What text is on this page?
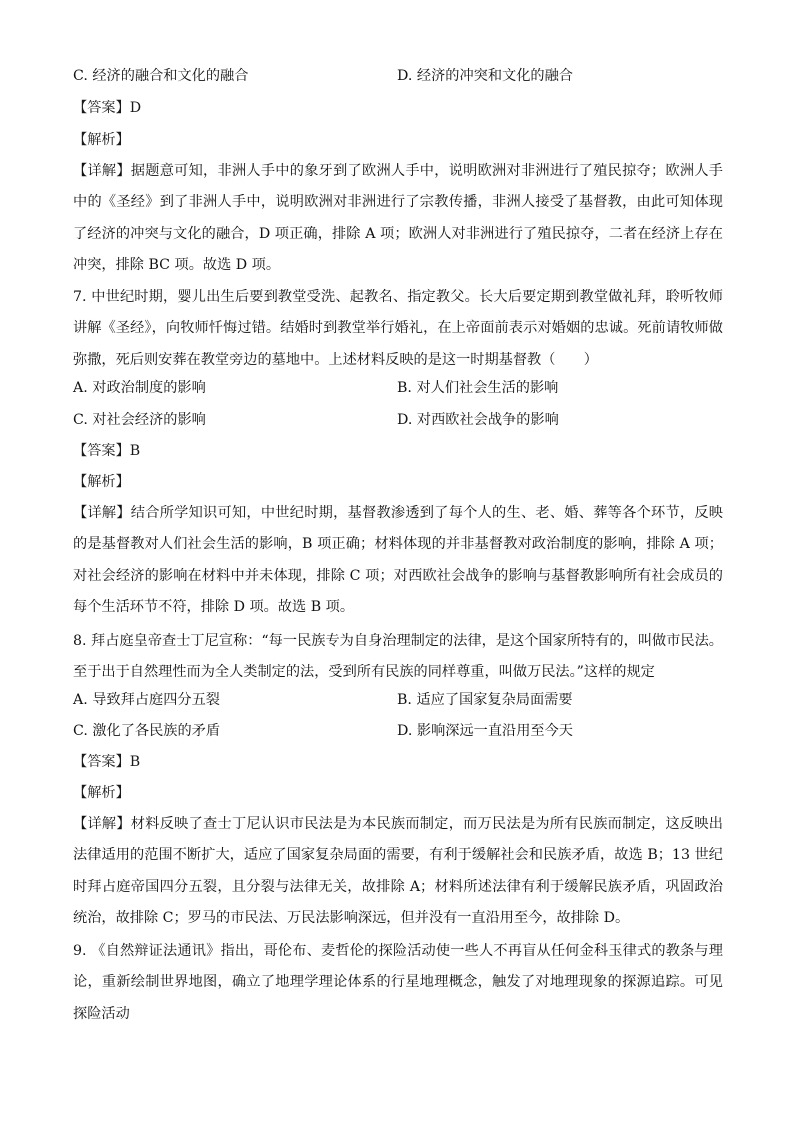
C. 经济的融合和文化的融合	D. 经济的冲突和文化的融合
【答案】D
【解析】
【详解】据题意可知，非洲人手中的象牙到了欧洲人手中，说明欧洲对非洲进行了殖民掠夺；欧洲人手中的《圣经》到了非洲人手中，说明欧洲对非洲进行了宗教传播，非洲人接受了基督教，由此可知体现了经济的冲突与文化的融合，D 项正确，排除 A 项；欧洲人对非洲进行了殖民掠夺，二者在经济上存在冲突，排除 BC 项。故选 D 项。
7. 中世纪时期，婴儿出生后要到教堂受洗、起教名、指定教父。长大后要定期到教堂做礼拜，聆听牧师讲解《圣经》，向牧师忏悔过错。结婚时到教堂举行婚礼，在上帝面前表示对婚姻的忠诚。死前请牧师做弥撒，死后则安葬在教堂旁边的墓地中。上述材料反映的是这一时期基督教（　　）
A. 对政治制度的影响	B. 对人们社会生活的影响
C. 对社会经济的影响	D. 对西欧社会战争的影响
【答案】B
【解析】
【详解】结合所学知识可知，中世纪时期，基督教渗透到了每个人的生、老、婚、葬等各个环节，反映的是基督教对人们社会生活的影响，B 项正确；材料体现的并非基督教对政治制度的影响，排除 A 项；对社会经济的影响在材料中并未体现，排除 C 项；对西欧社会战争的影响与基督教影响所有社会成员的每个生活环节不符，排除 D 项。故选 B 项。
8. 拜占庭皇帝查士丁尼宣称：“每一民族专为自身治理制定的法律，是这个国家所特有的，叫做市民法。至于出于自然理性而为全人类制定的法，受到所有民族的同样尊重，叫做万民法。”这样的规定
A. 导致拜占庭四分五裂	B. 适应了国家复杂局面需要
C. 激化了各民族的矛盾	D. 影响深远一直沿用至今天
【答案】B
【解析】
【详解】材料反映了查士丁尼认识市民法是为本民族而制定，而万民法是为所有民族而制定，这反映出法律适用的范围不断扩大，适应了国家复杂局面的需要，有利于缓解社会和民族矛盾，故选 B；13 世纪时拜占庭帝国四分五裂，且分裂与法律无关，故排除 A；材料所述法律有利于缓解民族矛盾，巩固政治统治，故排除 C；罗马的市民法、万民法影响深远，但并没有一直沿用至今，故排除 D。
9. 《自然辩证法通讯》指出，哥伦布、麦哲伦的探险活动使一些人不再盲从任何金科玉律式的教条与理论，重新绘制世界地图，确立了地理学理论体系的行星地理概念，触发了对地理现象的探源追踪。可见探险活动
